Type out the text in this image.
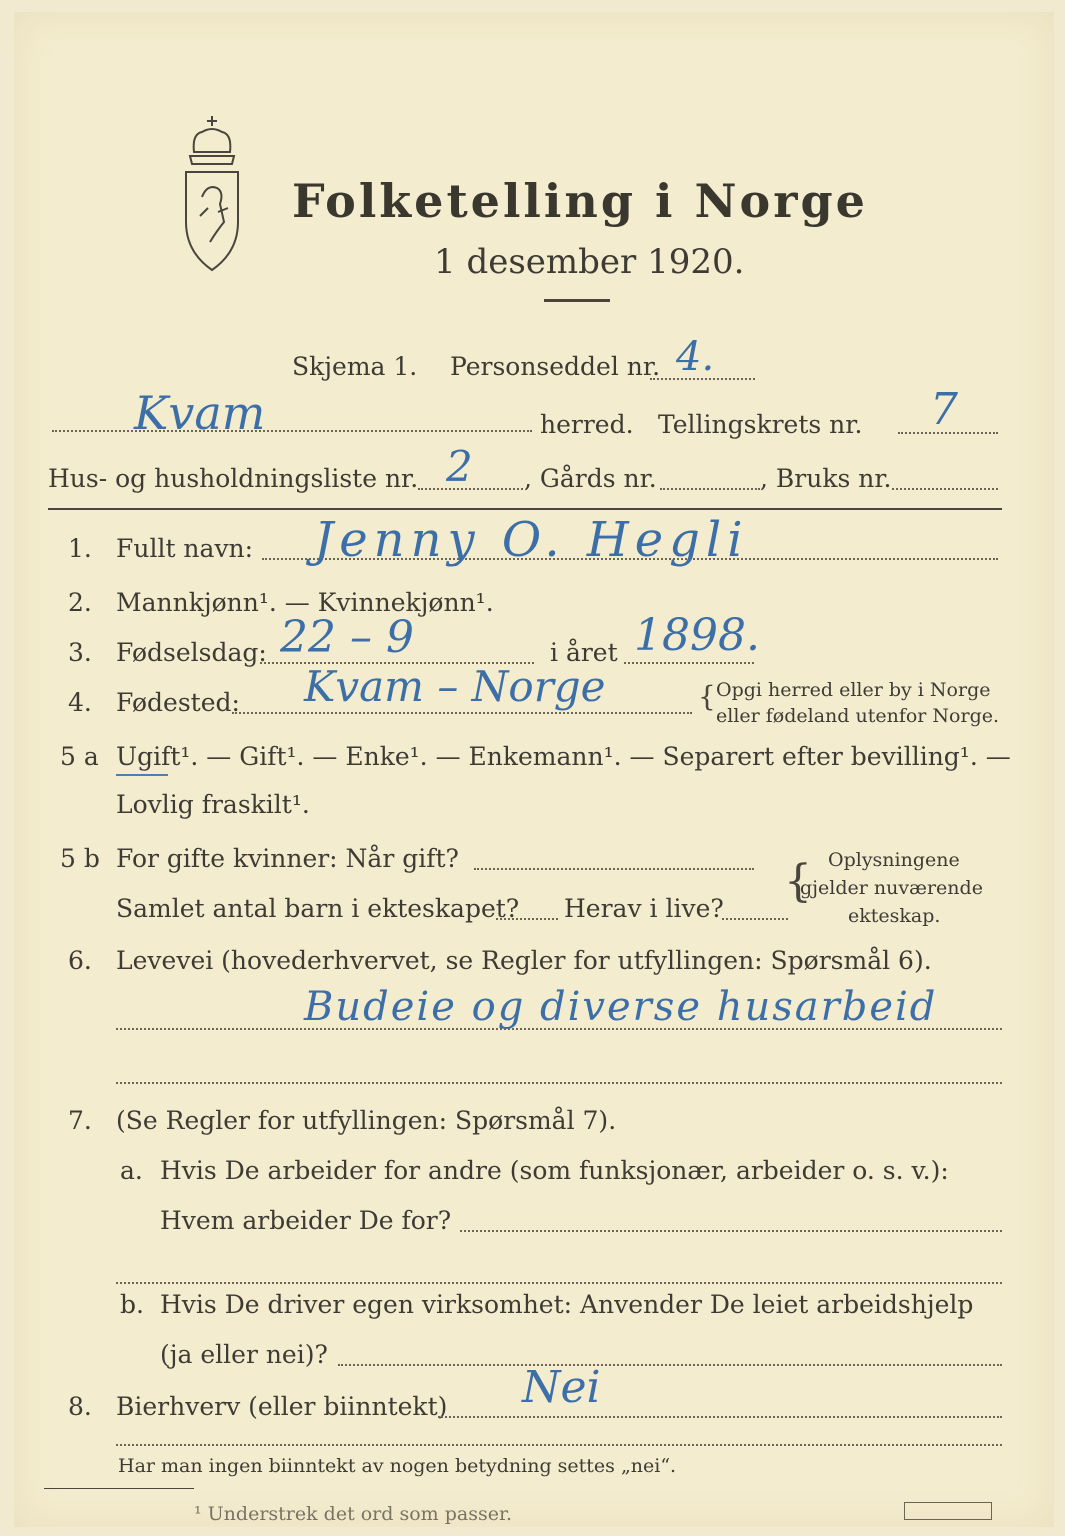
Folketelling i Norge
1 desember 1920.
Skjema 1. Personseddel nr. 4.
Kvam	herred. Tellingskrets nr. 7
Hus- og husholdningsliste nr. 2 , Gårds nr.	, Bruks nr.
1. Fullt navn: Jenny O. Hegli
2. Mannkjønn¹. — Kvinnekjønn¹.
3. Fødselsdag: 22 – 9	i året 1898.
4. Fødested: Kvam – Norge	{ Opgi herred eller by i Norge
eller fødeland utenfor Norge.
5 a Ugift¹. — Gift¹. — Enke¹. — Enkemann¹. — Separert efter bevilling¹. —
Lovlig fraskilt¹.
5 b For gifte kvinner: Når gift?
Samlet antal barn i ekteskapet? Herav i live?
{ Oplysningene
gjelder nuværende
ekteskap.
6. Levevei (hovederhvervet, se Regler for utfyllingen: Spørsmål 6).
Budeie og diverse husarbeid
7. (Se Regler for utfyllingen: Spørsmål 7).
a. Hvis De arbeider for andre (som funksjonær, arbeider o. s. v.):
Hvem arbeider De for?
b. Hvis De driver egen virksomhet: Anvender De leiet arbeidshjelp
(ja eller nei)?
8. Bierhverv (eller biinntekt) Nei
Har man ingen biinntekt av nogen betydning settes „nei“.
¹ Understrek det ord som passer.
